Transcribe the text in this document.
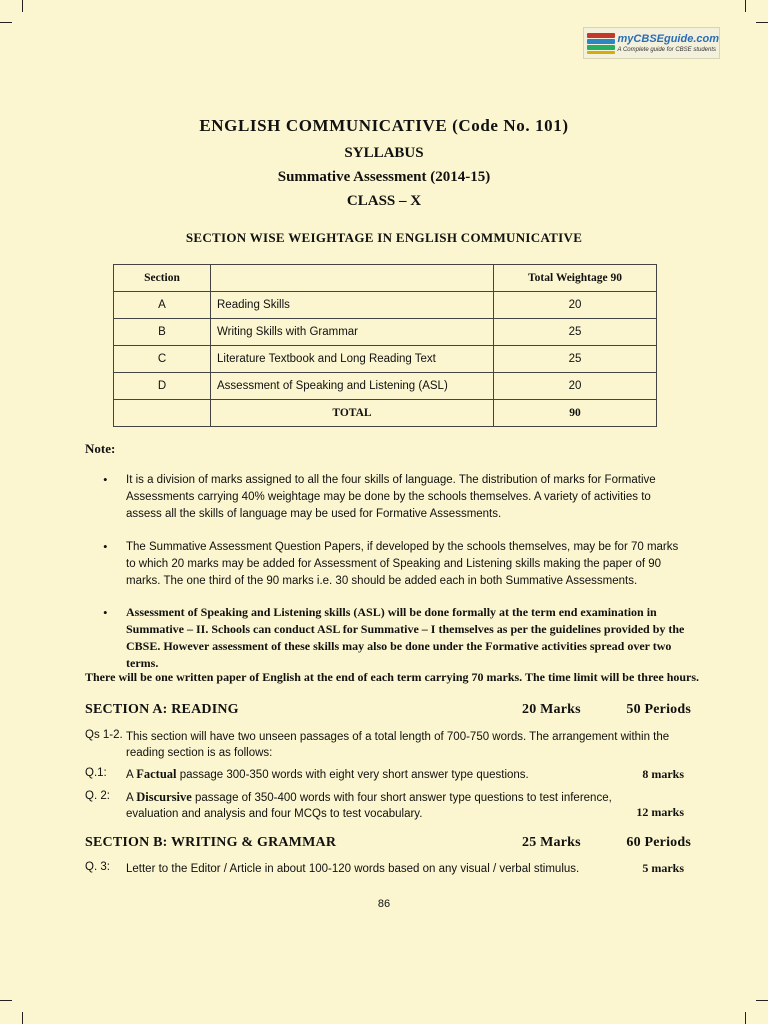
myCBSEguide.com
A Complete guide for CBSE students
ENGLISH COMMUNICATIVE (Code No. 101)
SYLLABUS
Summative Assessment (2014-15)
CLASS – X
SECTION WISE WEIGHTAGE IN ENGLISH COMMUNICATIVE
Section		Total Weightage 90
A	Reading Skills	20
B	Writing Skills with Grammar	25
C	Literature Textbook and Long Reading Text	25
D	Assessment of Speaking and Listening (ASL)	20
	TOTAL	90
Note:
• It is a division of marks assigned to all the four skills of language. The distribution of marks for Formative Assessments carrying 40% weightage may be done by the schools themselves. A variety of activities to assess all the skills of language may be used for Formative Assessments.
• The Summative Assessment Question Papers, if developed by the schools themselves, may be for 70 marks to which 20 marks may be added for Assessment of Speaking and Listening skills making the paper of 90 marks. The one third of the 90 marks i.e. 30 should be added each in both Summative Assessments.
• Assessment of Speaking and Listening skills (ASL) will be done formally at the term end examination in Summative – II. Schools can conduct ASL for Summative – I themselves as per the guidelines provided by the CBSE. However assessment of these skills may also be done under the Formative activities spread over two terms.
There will be one written paper of English at the end of each term carrying 70 marks. The time limit will be three hours.
SECTION A: READING	20 Marks	50 Periods
Qs 1-2. This section will have two unseen passages of a total length of 700-750 words. The arrangement within the reading section is as follows:
Q.1: A Factual passage 300-350 words with eight very short answer type questions.	8 marks
Q. 2: A Discursive passage of 350-400 words with four short answer type questions to test inference, evaluation and analysis and four MCQs to test vocabulary.	12 marks
SECTION B: WRITING & GRAMMAR	25 Marks	60 Periods
Q. 3: Letter to the Editor / Article in about 100-120 words based on any visual / verbal stimulus.	5 marks
86
